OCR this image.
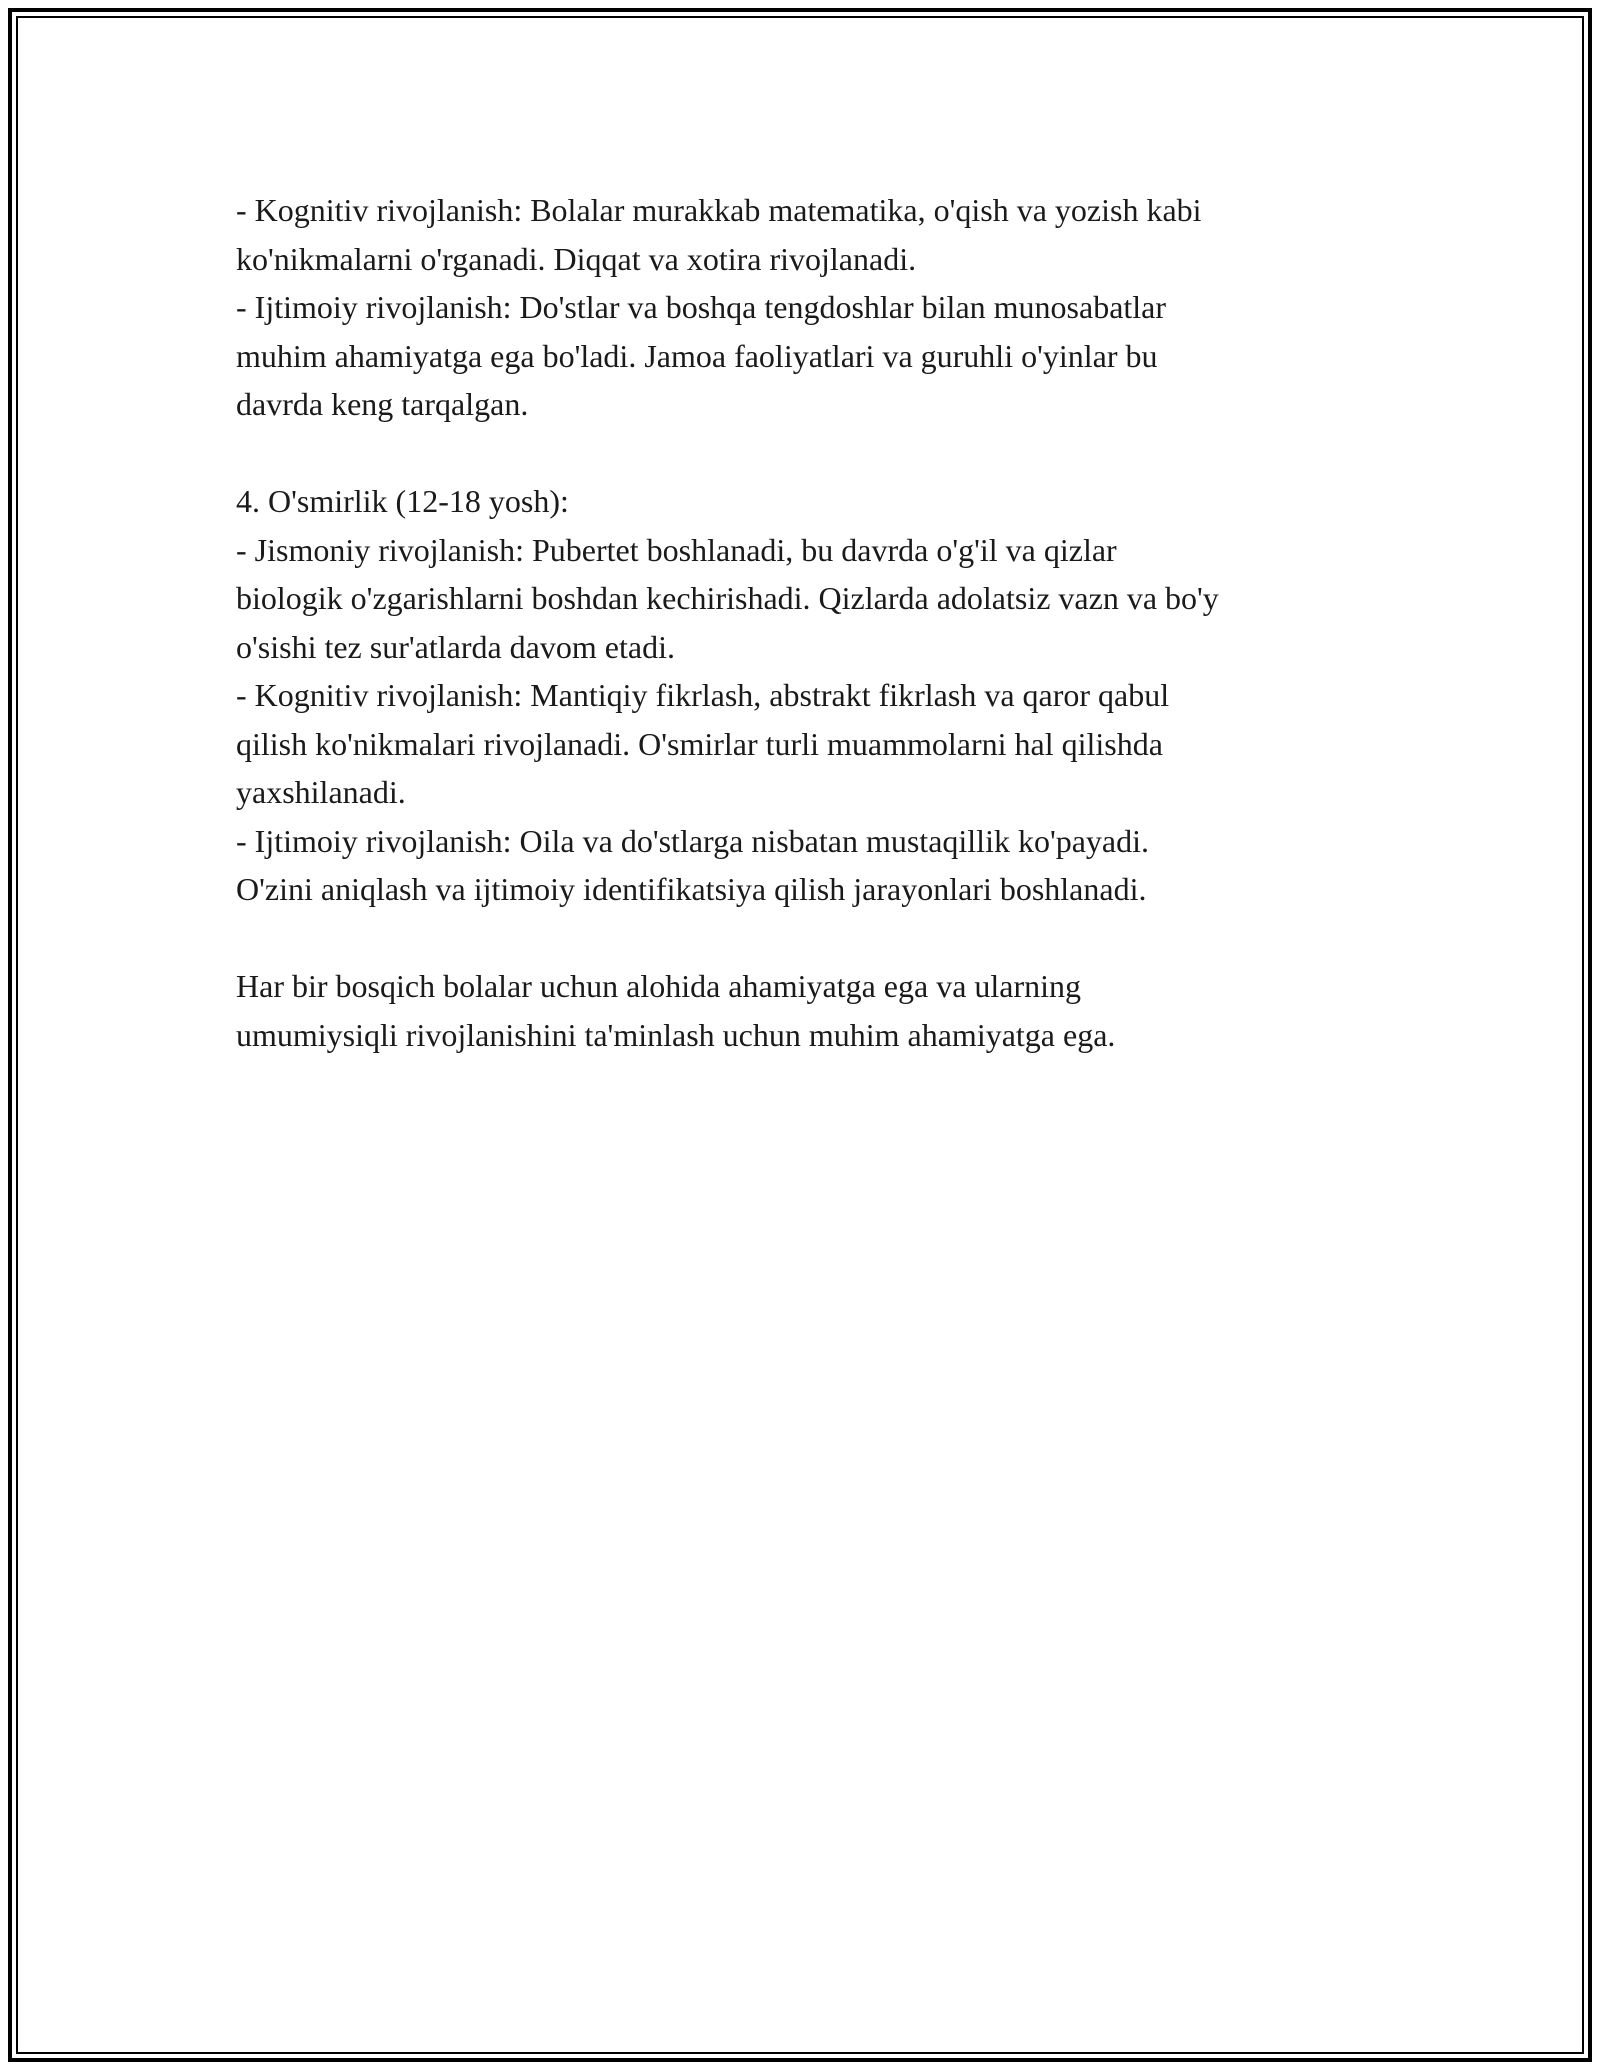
- Kognitiv rivojlanish: Bolalar murakkab matematika, o'qish va yozish kabi

ko'nikmalarni o'rganadi. Diqqat va xotira rivojlanadi.

- Ijtimoiy rivojlanish: Do'stlar va boshqa tengdoshlar bilan munosabatlar

muhim ahamiyatga ega bo'ladi. Jamoa faoliyatlari va guruhli o'yinlar bu

davrda keng tarqalgan.

4. O'smirlik (12-18 yosh):

- Jismoniy rivojlanish: Pubertet boshlanadi, bu davrda o'g'il va qizlar

biologik o'zgarishlarni boshdan kechirishadi. Qizlarda adolatsiz vazn va bo'y

o'sishi tez sur'atlarda davom etadi.

- Kognitiv rivojlanish: Mantiqiy fikrlash, abstrakt fikrlash va qaror qabul

qilish ko'nikmalari rivojlanadi. O'smirlar turli muammolarni hal qilishda

yaxshilanadi.

- Ijtimoiy rivojlanish: Oila va do'stlarga nisbatan mustaqillik ko'payadi.

O'zini aniqlash va ijtimoiy identifikatsiya qilish jarayonlari boshlanadi.

Har bir bosqich bolalar uchun alohida ahamiyatga ega va ularning

umumiysiqli rivojlanishini ta'minlash uchun muhim ahamiyatga ega.
